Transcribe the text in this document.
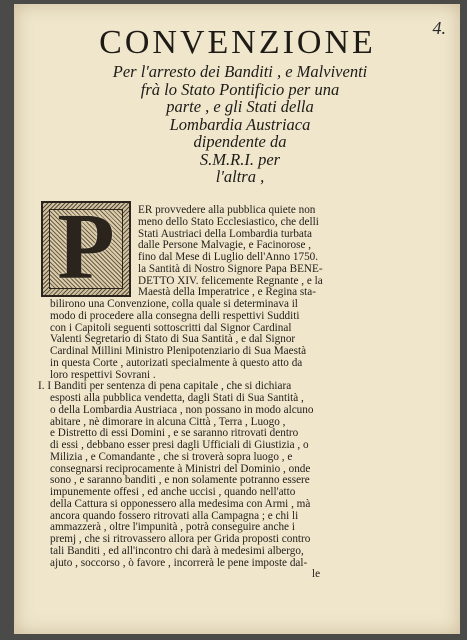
4.
CONVENZIONE
Per l'arresto dei Banditi , e Malviventi
frà lo Stato Pontificio per una
parte , e gli Stati della
Lombardia Austriaca
dipendente da
S.M.R.I. per
l'altra ,
P	ER provvedere alla pubblica quiete non
meno dello Stato Ecclesiastico, che delli
Stati Austriaci della Lombardia turbata
dalle Persone Malvagie, e Facinorose ,
fino dal Mese di Luglio dell'Anno 1750.
la Santità di Nostro Signore Papa BENE-
DETTO XIV. felicemente Regnante , e la
Maestà della Imperatrice , e Regina sta-
bilirono una Convenzione, colla quale si determinava il
modo di procedere alla consegna delli respettivi Sudditi
con i Capitoli seguenti sottoscritti dal Signor Cardinal
Valenti Segretario di Stato di Sua Santità , e dal Signor
Cardinal Millini Ministro Plenipotenziario di Sua Maestà
in questa Corte , autorizati specialmente à questo atto da
loro respettivi Sovrani .
I. I Banditi per sentenza di pena capitale , che si dichiara
esposti alla pubblica vendetta, dagli Stati di Sua Santità ,
o della Lombardia Austriaca , non possano in modo alcuno
abitare , nè dimorare in alcuna Città , Terra , Luogo ,
e Distretto di essi Domini , e se saranno ritrovati dentro
di essi , debbano esser presi dagli Ufficiali di Giustizia , o
Milizia , e Comandante , che si troverà sopra luogo , e
consegnarsi reciprocamente à Ministri del Dominio , onde
sono , e saranno banditi , e non solamente potranno essere
impunemente offesi , ed anche uccisi , quando nell'atto
della Cattura si opponessero alla medesima con Armi , mà
ancora quando fossero ritrovati alla Campagna ; e chi li
ammazzerà , oltre l'impunità , potrà conseguire anche i
premj , che si ritrovassero allora per Grida proposti contro
tali Banditi , ed all'incontro chi darà à medesimi albergo,
ajuto , soccorso , ò favore , incorrerà le pene imposte dal-
le
